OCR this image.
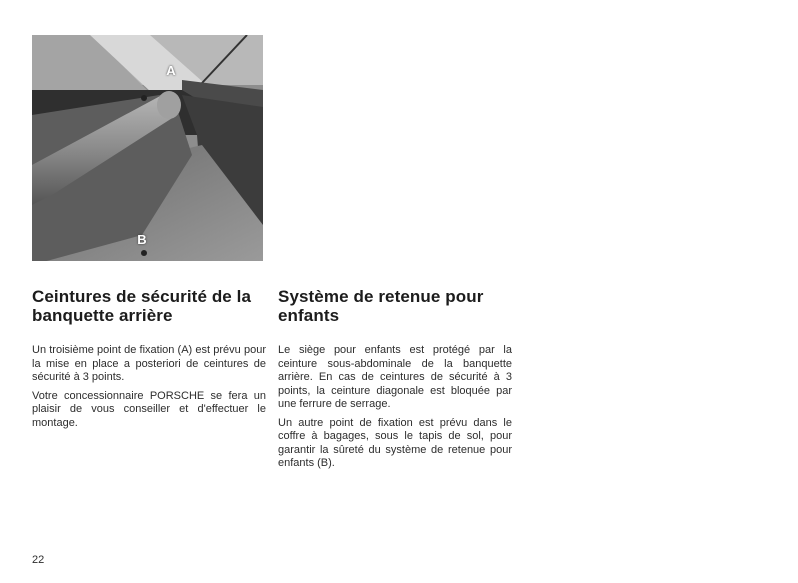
A
B
Ceintures de sécurité de la banquette arrière

Un troisième point de fixation (A) est prévu pour la mise en place a posteriori de ceintures de sécurité à 3 points.

Votre concessionnaire PORSCHE se fera un plaisir de vous conseiller et d'effectuer le montage.

Système de retenue pour enfants

Le siège pour enfants est protégé par la ceinture sous-abdominale de la banquette arrière. En cas de ceintures de sécurité à 3 points, la ceinture diagonale est bloquée par une ferrure de serrage.

Un autre point de fixation est prévu dans le coffre à bagages, sous le tapis de sol, pour garantir la sûreté du système de retenue pour enfants (B).

22
